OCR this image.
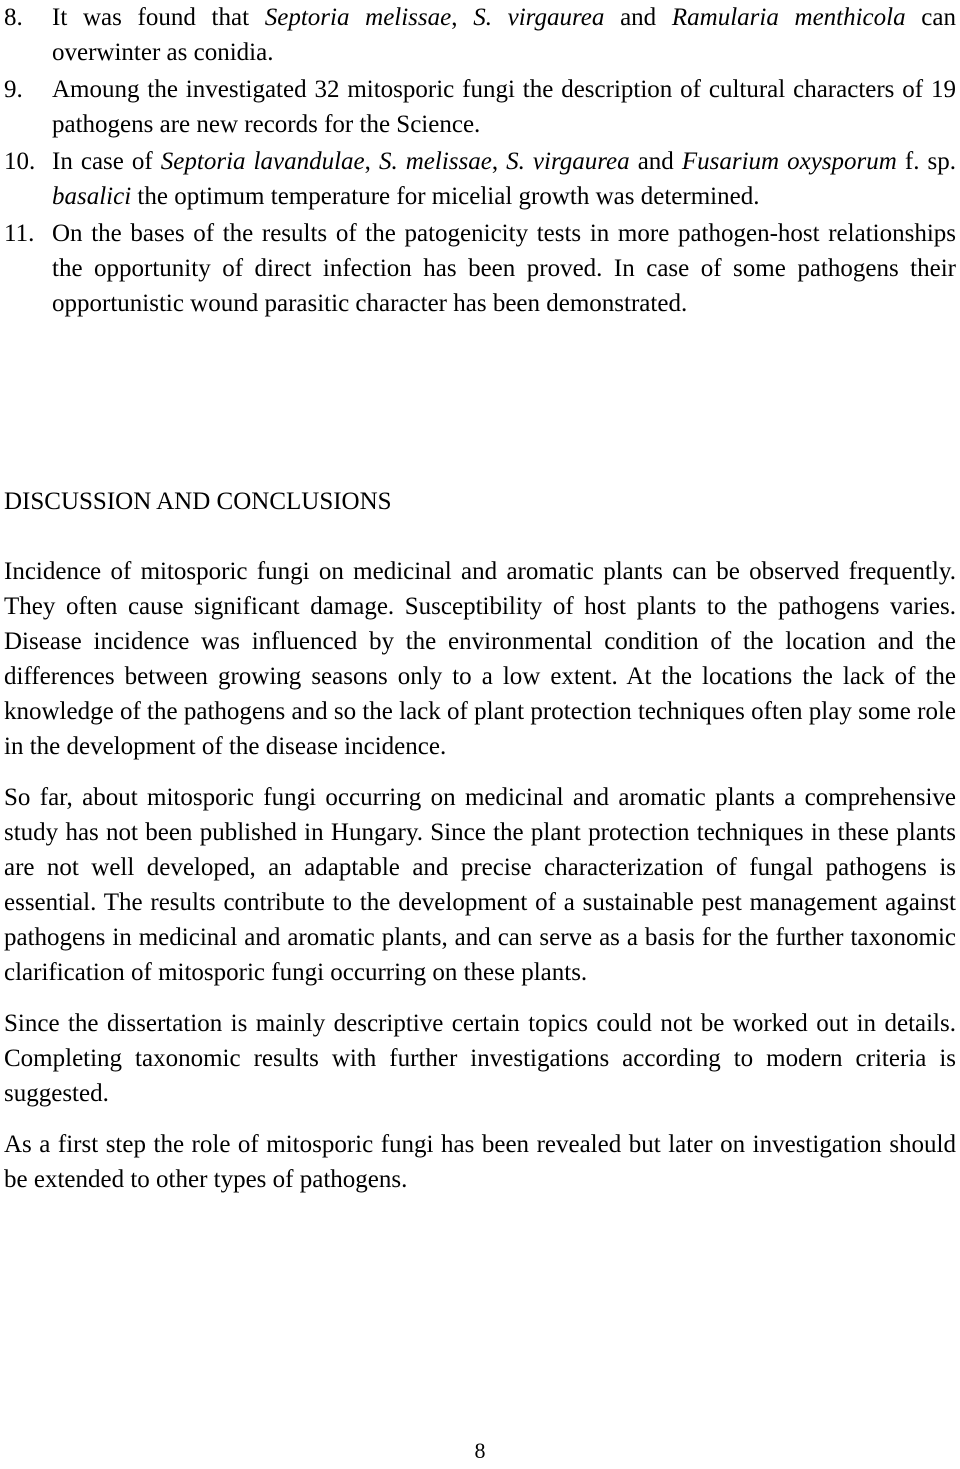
8. It was found that Septoria melissae, S. virgaurea and Ramularia menthicola can overwinter as conidia.
9. Amoung the investigated 32 mitosporic fungi the description of cultural characters of 19 pathogens are new records for the Science.
10. In case of Septoria lavandulae, S. melissae, S. virgaurea and Fusarium oxysporum f. sp. basalici the optimum temperature for micelial growth was determined.
11. On the bases of the results of the patogenicity tests in more pathogen-host relationships the opportunity of direct infection has been proved. In case of some pathogens their opportunistic wound parasitic character has been demonstrated.
DISCUSSION AND CONCLUSIONS

Incidence of mitosporic fungi on medicinal and aromatic plants can be observed frequently. They often cause significant damage. Susceptibility of host plants to the pathogens varies. Disease incidence was influenced by the environmental condition of the location and the differences between growing seasons only to a low extent. At the locations the lack of the knowledge of the pathogens and so the lack of plant protection techniques often play some role in the development of the disease incidence.

So far, about mitosporic fungi occurring on medicinal and aromatic plants a comprehensive study has not been published in Hungary. Since the plant protection techniques in these plants are not well developed, an adaptable and precise characterization of fungal pathogens is essential. The results contribute to the development of a sustainable pest management against pathogens in medicinal and aromatic plants, and can serve as a basis for the further taxonomic clarification of mitosporic fungi occurring on these plants.

Since the dissertation is mainly descriptive certain topics could not be worked out in details. Completing taxonomic results with further investigations according to modern criteria is suggested.

As a first step the role of mitosporic fungi has been revealed but later on investigation should be extended to other types of pathogens.

8
